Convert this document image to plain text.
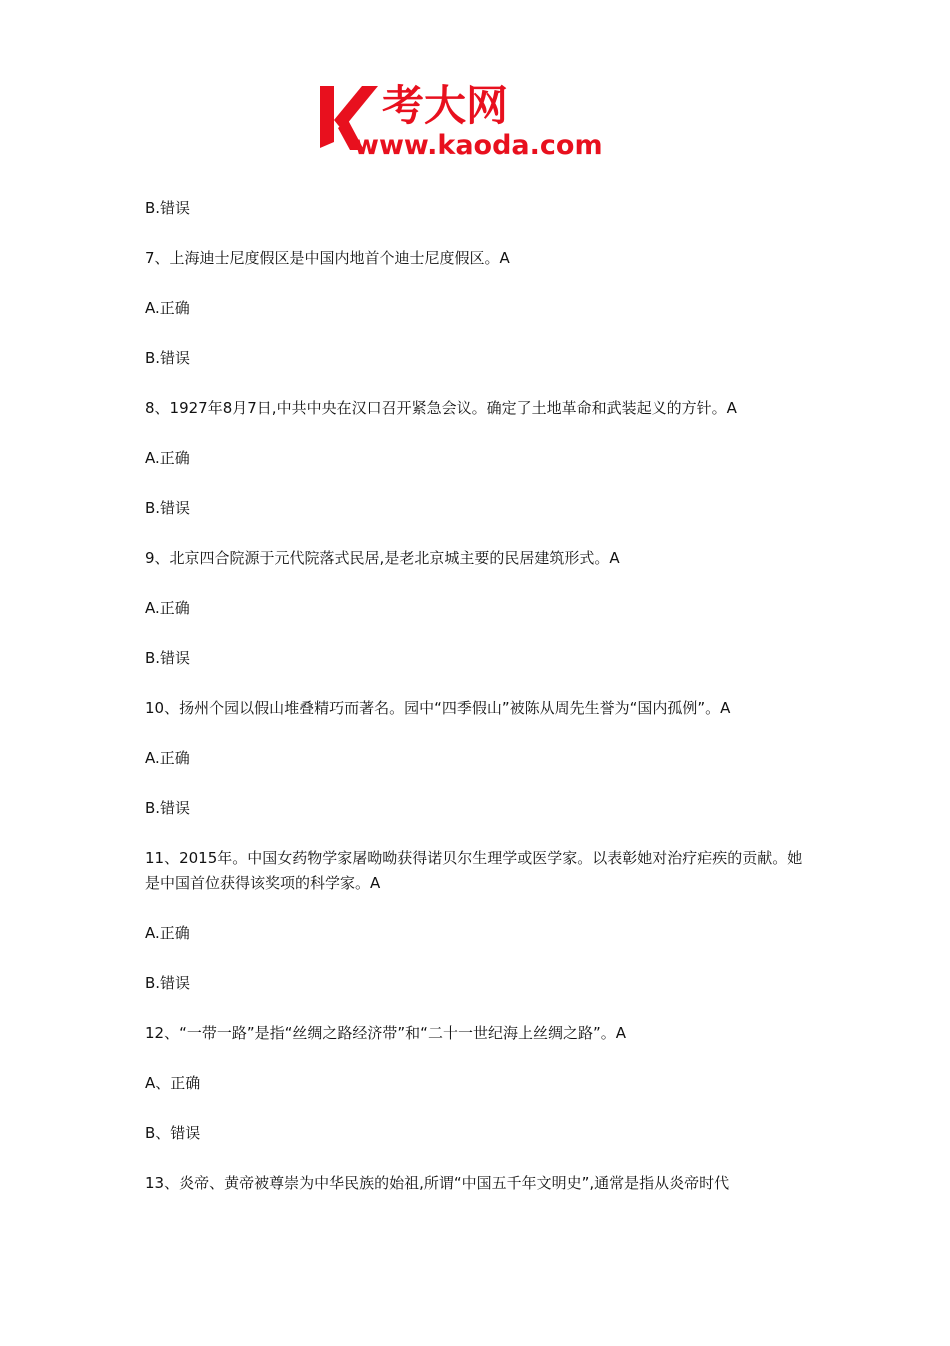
考大网
www.kaoda.com

B.错误

7、上海迪士尼度假区是中国内地首个迪士尼度假区。A

A.正确

B.错误

8、1927年8月7日,中共中央在汉口召开紧急会议。确定了土地革命和武装起义的方针。A

A.正确

B.错误

9、北京四合院源于元代院落式民居,是老北京城主要的民居建筑形式。A

A.正确

B.错误

10、扬州个园以假山堆叠精巧而著名。园中“四季假山”被陈从周先生誉为“国内孤例”。A

A.正确

B.错误

11、2015年。中国女药物学家屠呦呦获得诺贝尔生理学或医学家。以表彰她对治疗疟疾的贡献。她是中国首位获得该奖项的科学家。A

A.正确

B.错误

12、“一带一路”是指“丝绸之路经济带”和“二十一世纪海上丝绸之路”。A

A、正确

B、错误

13、炎帝、黄帝被尊崇为中华民族的始祖,所谓“中国五千年文明史”,通常是指从炎帝时代
